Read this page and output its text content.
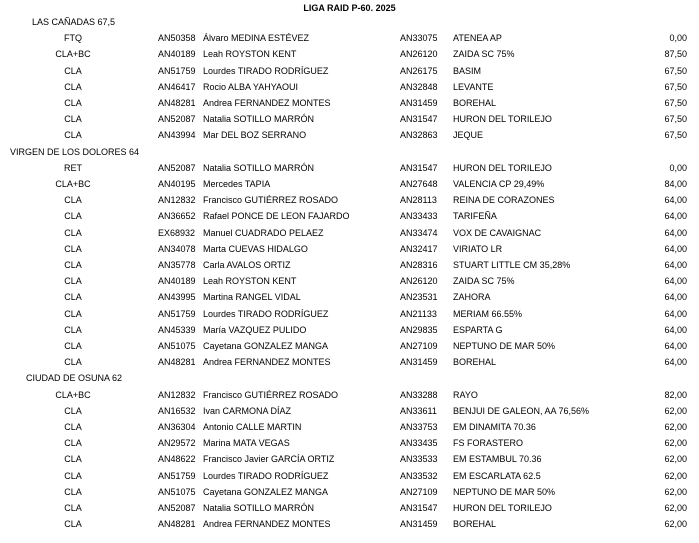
LIGA RAID P-60. 2025
LAS CAÑADAS 67,5
FTQ	AN50358 Álvaro MEDINA ESTÉVEZ	AN33075 ATENEA AP	0,00
CLA+BC	AN40189 Leah ROYSTON KENT	AN26120 ZAIDA SC 75%	87,50
CLA	AN51759 Lourdes TIRADO RODRÍGUEZ	AN26175 BASIM	67,50
CLA	AN46417 Rocio ALBA YAHYAOUI	AN32848 LEVANTE	67,50
CLA	AN48281 Andrea FERNANDEZ MONTES	AN31459 BOREHAL	67,50
CLA	AN52087 Natalia SOTILLO MARRÓN	AN31547 HURON DEL TORILEJO	67,50
CLA	AN43994 Mar DEL BOZ SERRANO	AN32863 JEQUE	67,50
VIRGEN DE LOS DOLORES 64
RET	AN52087 Natalia SOTILLO MARRÓN	AN31547 HURON DEL TORILEJO	0,00
CLA+BC	AN40195 Mercedes TAPIA	AN27648 VALENCIA CP 29,49%	84,00
CLA	AN12832 Francisco GUTIÉRREZ ROSADO	AN28113 REINA DE CORAZONES	64,00
CLA	AN36652 Rafael PONCE DE LEON FAJARDO	AN33433 TARIFEÑA	64,00
CLA	EX68932 Manuel CUADRADO PELAEZ	AN33474 VOX DE CAVAIGNAC	64,00
CLA	AN34078 Marta CUEVAS HIDALGO	AN32417 VIRIATO LR	64,00
CLA	AN35778 Carla AVALOS ORTIZ	AN28316 STUART LITTLE CM 35,28%	64,00
CLA	AN40189 Leah ROYSTON KENT	AN26120 ZAIDA SC 75%	64,00
CLA	AN43995 Martina RANGEL VIDAL	AN23531 ZAHORA	64,00
CLA	AN51759 Lourdes TIRADO RODRÍGUEZ	AN21133 MERIAM 66.55%	64,00
CLA	AN45339 María VAZQUEZ PULIDO	AN29835 ESPARTA G	64,00
CLA	AN51075 Cayetana GONZALEZ MANGA	AN27109 NEPTUNO DE MAR 50%	64,00
CLA	AN48281 Andrea FERNANDEZ MONTES	AN31459 BOREHAL	64,00
CIUDAD DE OSUNA 62
CLA+BC	AN12832 Francisco GUTIÉRREZ ROSADO	AN33288 RAYO	82,00
CLA	AN16532 Ivan CARMONA DÍAZ	AN33611 BENJUI DE GALEON, AA 76,56%	62,00
CLA	AN36304 Antonio CALLE MARTIN	AN33753 EM DINAMITA 70.36	62,00
CLA	AN29572 Marina MATA VEGAS	AN33435 FS FORASTERO	62,00
CLA	AN48622 Francisco Javier GARCÍA ORTIZ	AN33533 EM ESTAMBUL 70.36	62,00
CLA	AN51759 Lourdes TIRADO RODRÍGUEZ	AN33532 EM ESCARLATA 62.5	62,00
CLA	AN51075 Cayetana GONZALEZ MANGA	AN27109 NEPTUNO DE MAR 50%	62,00
CLA	AN52087 Natalia SOTILLO MARRÓN	AN31547 HURON DEL TORILEJO	62,00
CLA	AN48281 Andrea FERNANDEZ MONTES	AN31459 BOREHAL	62,00
